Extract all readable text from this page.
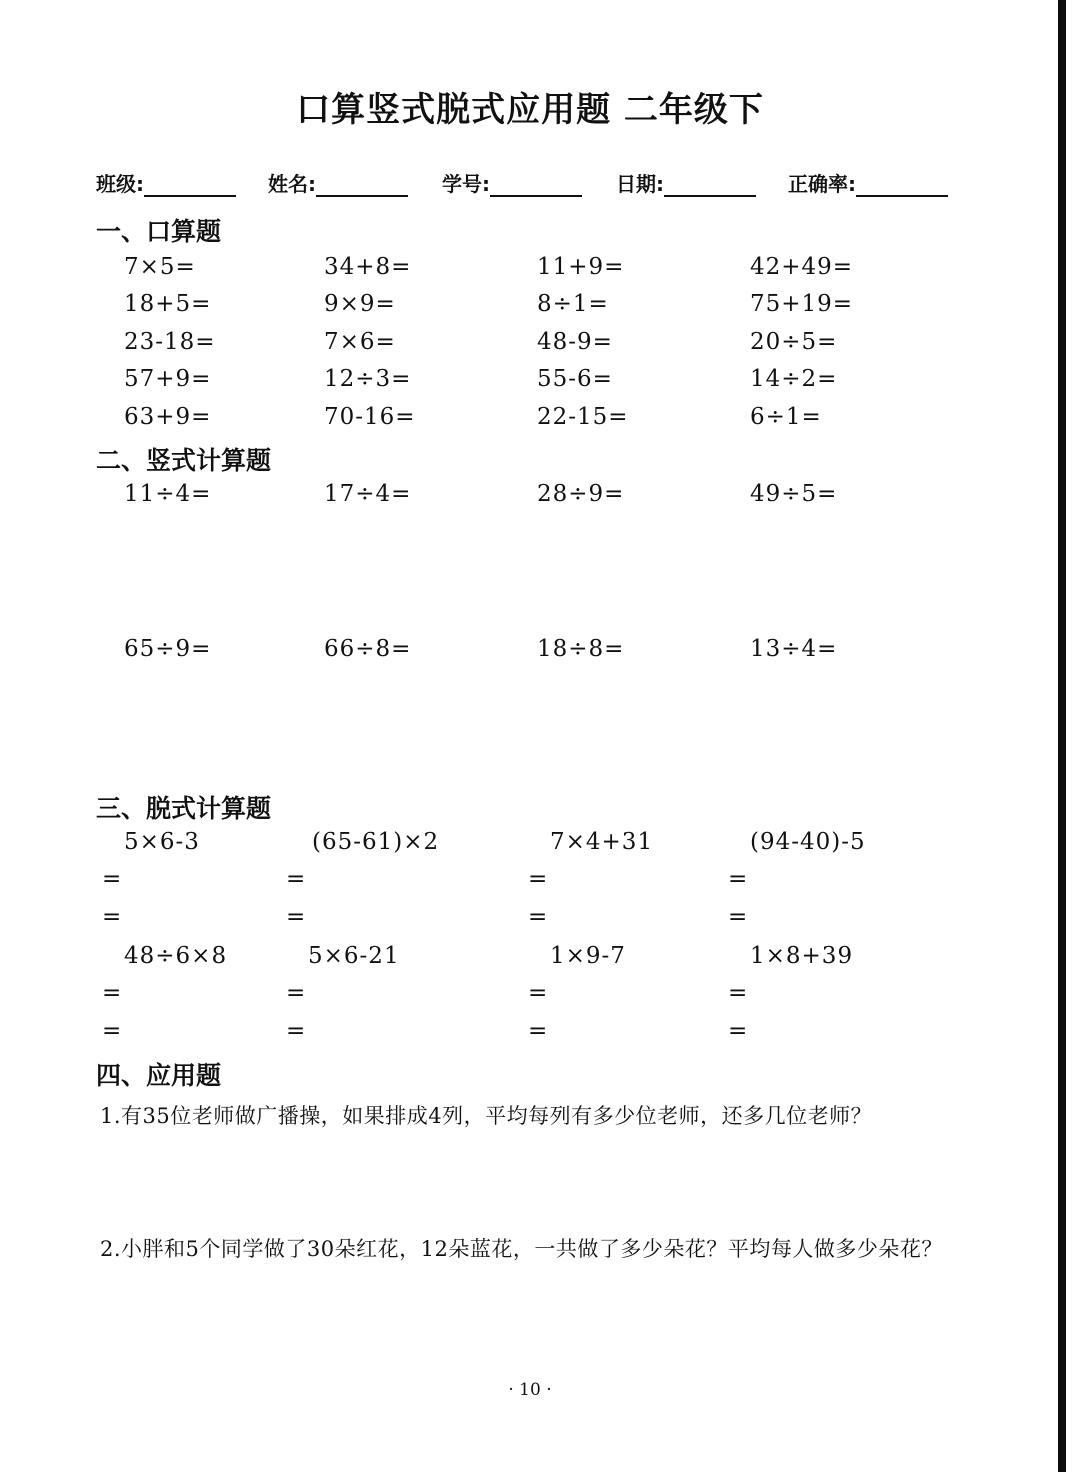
口算竖式脱式应用题 二年级下
班级:	姓名:	学号:	日期:	正确率:
一、口算题
7×5=	34+8=	11+9=	42+49=
18+5=	9×9=	8÷1=	75+19=
23-18=	7×6=	48-9=	20÷5=
57+9=	12÷3=	55-6=	14÷2=
63+9=	70-16=	22-15=	6÷1=
二、竖式计算题
11÷4=	17÷4=	28÷9=	49÷5=
65÷9=	66÷8=	18÷8=	13÷4=
三、脱式计算题
5×6-3	(65-61)×2	7×4+31	(94-40)-5
=	=	=	=
=	=	=	=
48÷6×8	5×6-21	1×9-7	1×8+39
=	=	=	=
=	=	=	=
四、应用题
1.有35位老师做广播操，如果排成4列，平均每列有多少位老师，还多几位老师？
2.小胖和5个同学做了30朵红花，12朵蓝花，一共做了多少朵花？平均每人做多少朵花？
· 10 ·
